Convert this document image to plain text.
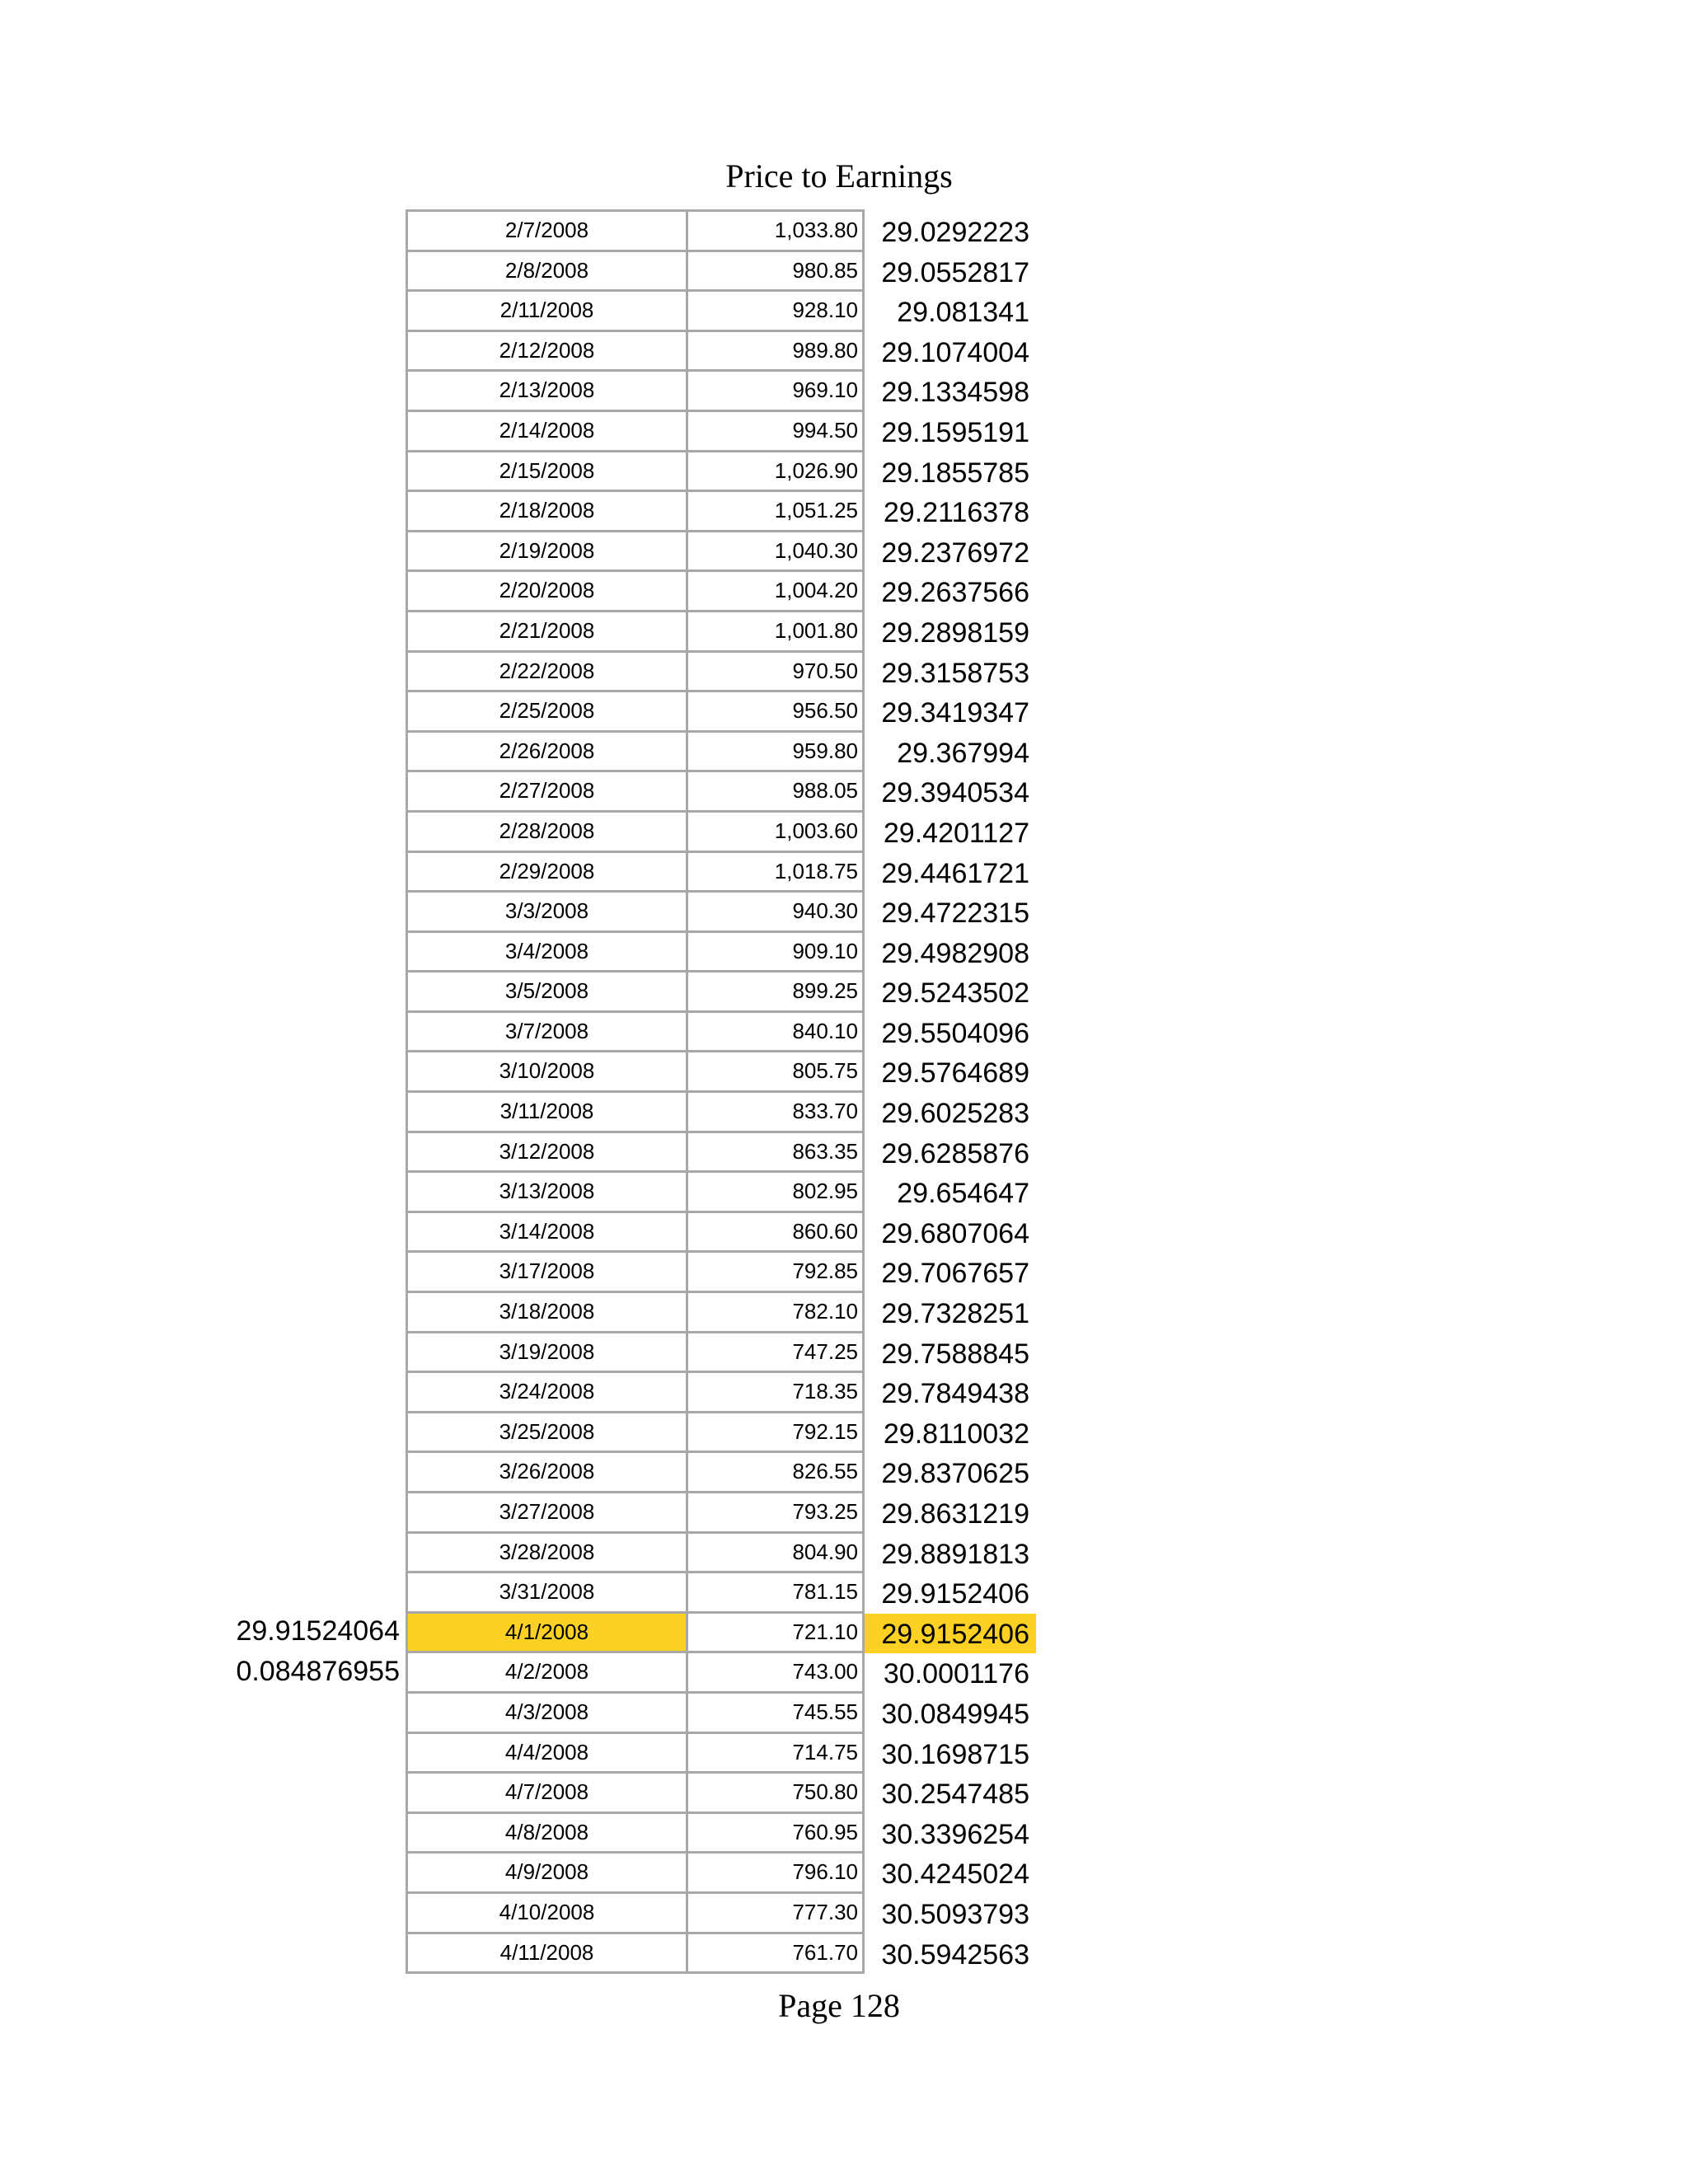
Price to Earnings
2/7/2008	1,033.80 29.0292223
2/8/2008	980.85 29.0552817
2/11/2008	928.10	29.081341
2/12/2008	989.80 29.1074004
2/13/2008	969.10 29.1334598
2/14/2008	994.50 29.1595191
2/15/2008	1,026.90 29.1855785
2/18/2008	1,051.25 29.2116378
2/19/2008	1,040.30 29.2376972
2/20/2008	1,004.20 29.2637566
2/21/2008	1,001.80 29.2898159
2/22/2008	970.50 29.3158753
2/25/2008	956.50 29.3419347
2/26/2008	959.80	29.367994
2/27/2008	988.05 29.3940534
2/28/2008	1,003.60 29.4201127
2/29/2008	1,018.75 29.4461721
3/3/2008	940.30 29.4722315
3/4/2008	909.10 29.4982908
3/5/2008	899.25 29.5243502
3/7/2008	840.10 29.5504096
3/10/2008	805.75 29.5764689
3/11/2008	833.70 29.6025283
3/12/2008	863.35 29.6285876
3/13/2008	802.95	29.654647
3/14/2008	860.60 29.6807064
3/17/2008	792.85 29.7067657
3/18/2008	782.10 29.7328251
3/19/2008	747.25 29.7588845
3/24/2008	718.35 29.7849438
3/25/2008	792.15 29.8110032
3/26/2008	826.55 29.8370625
3/27/2008	793.25 29.8631219
3/28/2008	804.90 29.8891813
3/31/2008	781.15 29.9152406
4/1/2008	721.10 29.9152406
4/2/2008	743.00 30.0001176
4/3/2008	745.55 30.0849945
4/4/2008	714.75 30.1698715
4/7/2008	750.80 30.2547485
4/8/2008	760.95 30.3396254
4/9/2008	796.10 30.4245024
4/10/2008	777.30 30.5093793
4/11/2008	761.70 30.5942563
29.91524064
0.084876955
Page 128
